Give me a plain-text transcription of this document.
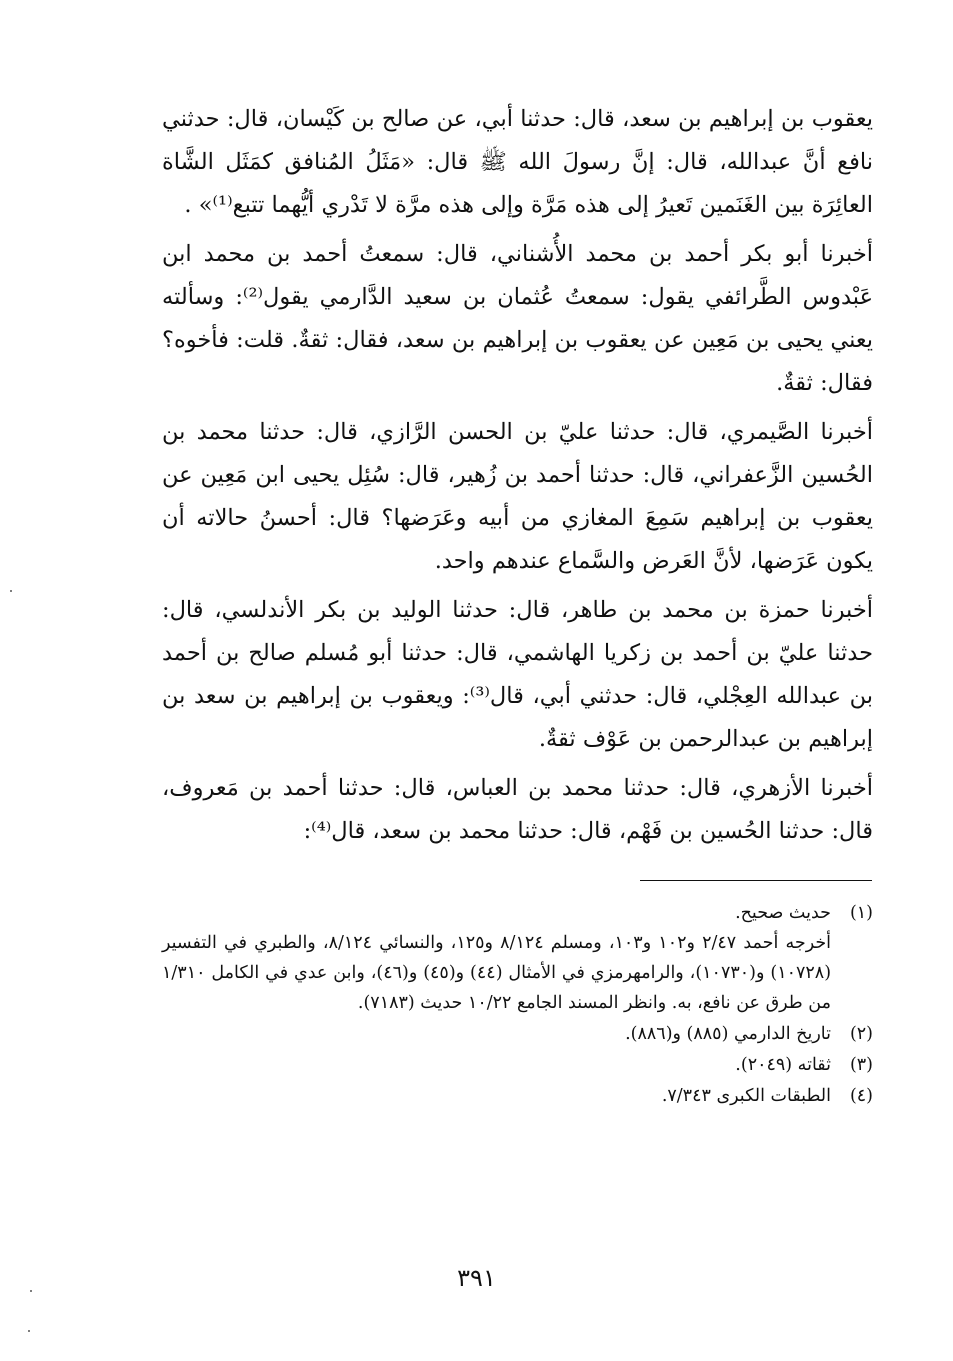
يعقوب بن إبراهيم بن سعد، قال: حدثنا أبي، عن صالح بن كَيْسان، قال: حدثني نافع أنَّ عبدالله، قال: إنَّ رسولَ الله ﷺ قال: «مَثَلُ المُنافق كمَثَل الشَّاة العائِرَة بين الغَنَمين تَعيرُ إلى هذه مَرَّة وإلى هذه مرَّة لا تَدْري أيُّهما تتبع⁽¹⁾» .

أخبرنا أبو بكر أحمد بن محمد الأُشناني، قال: سمعتُ أحمد بن محمد ابن عَبْدوس الطَّرائفي يقول: سمعتُ عُثمان بن سعيد الدَّارمي يقول⁽²⁾: وسألته يعني يحيى بن مَعِين عن يعقوب بن إبراهيم بن سعد، فقال: ثقةٌ. قلت: فأخوه؟ فقال: ثقةٌ.

أخبرنا الصَّيمري، قال: حدثنا عليّ بن الحسن الرَّازي، قال: حدثنا محمد بن الحُسين الزَّعفراني، قال: حدثنا أحمد بن زُهير، قال: سُئِل يحيى ابن مَعِين عن يعقوب بن إبراهيم سَمِعَ المغازي من أبيه وعَرَضها؟ قال: أحسنُ حالاته أن يكون عَرَضها، لأنَّ العَرض والسَّماع عندهم واحد.

أخبرنا حمزة بن محمد بن طاهر، قال: حدثنا الوليد بن بكر الأندلسي، قال: حدثنا عليّ بن أحمد بن زكريا الهاشمي، قال: حدثنا أبو مُسلم صالح بن أحمد بن عبدالله العِجْلي، قال: حدثني أبي، قال⁽³⁾: ويعقوب بن إبراهيم بن سعد بن إبراهيم بن عبدالرحمن بن عَوْف ثقةٌ.

أخبرنا الأزهري، قال: حدثنا محمد بن العباس، قال: حدثنا أحمد بن مَعروف، قال: حدثنا الحُسين بن فَهْم، قال: حدثنا محمد بن سعد، قال⁽⁴⁾:

(١)
حديث صحيح.
أخرجه أحمد ٢/٤٧ و١٠٢ و١٠٣، ومسلم ٨/١٢٤ و١٢٥، والنسائي ٨/١٢٤، والطبري في التفسير (١٠٧٢٨) و(١٠٧٣٠)، والرامهرمزي في الأمثال (٤٤) و(٤٥) و(٤٦)، وابن عدي في الكامل ١/٣١٠ من طرق عن نافع، به. وانظر المسند الجامع ١٠/٢٢ حديث (٧١٨٣).
(٢)
تاريخ الدارمي (٨٨٥) و(٨٨٦).
(٣)
ثقاته (٢٠٤٩).
(٤)
الطبقات الكبرى ٧/٣٤٣.
٣٩١
